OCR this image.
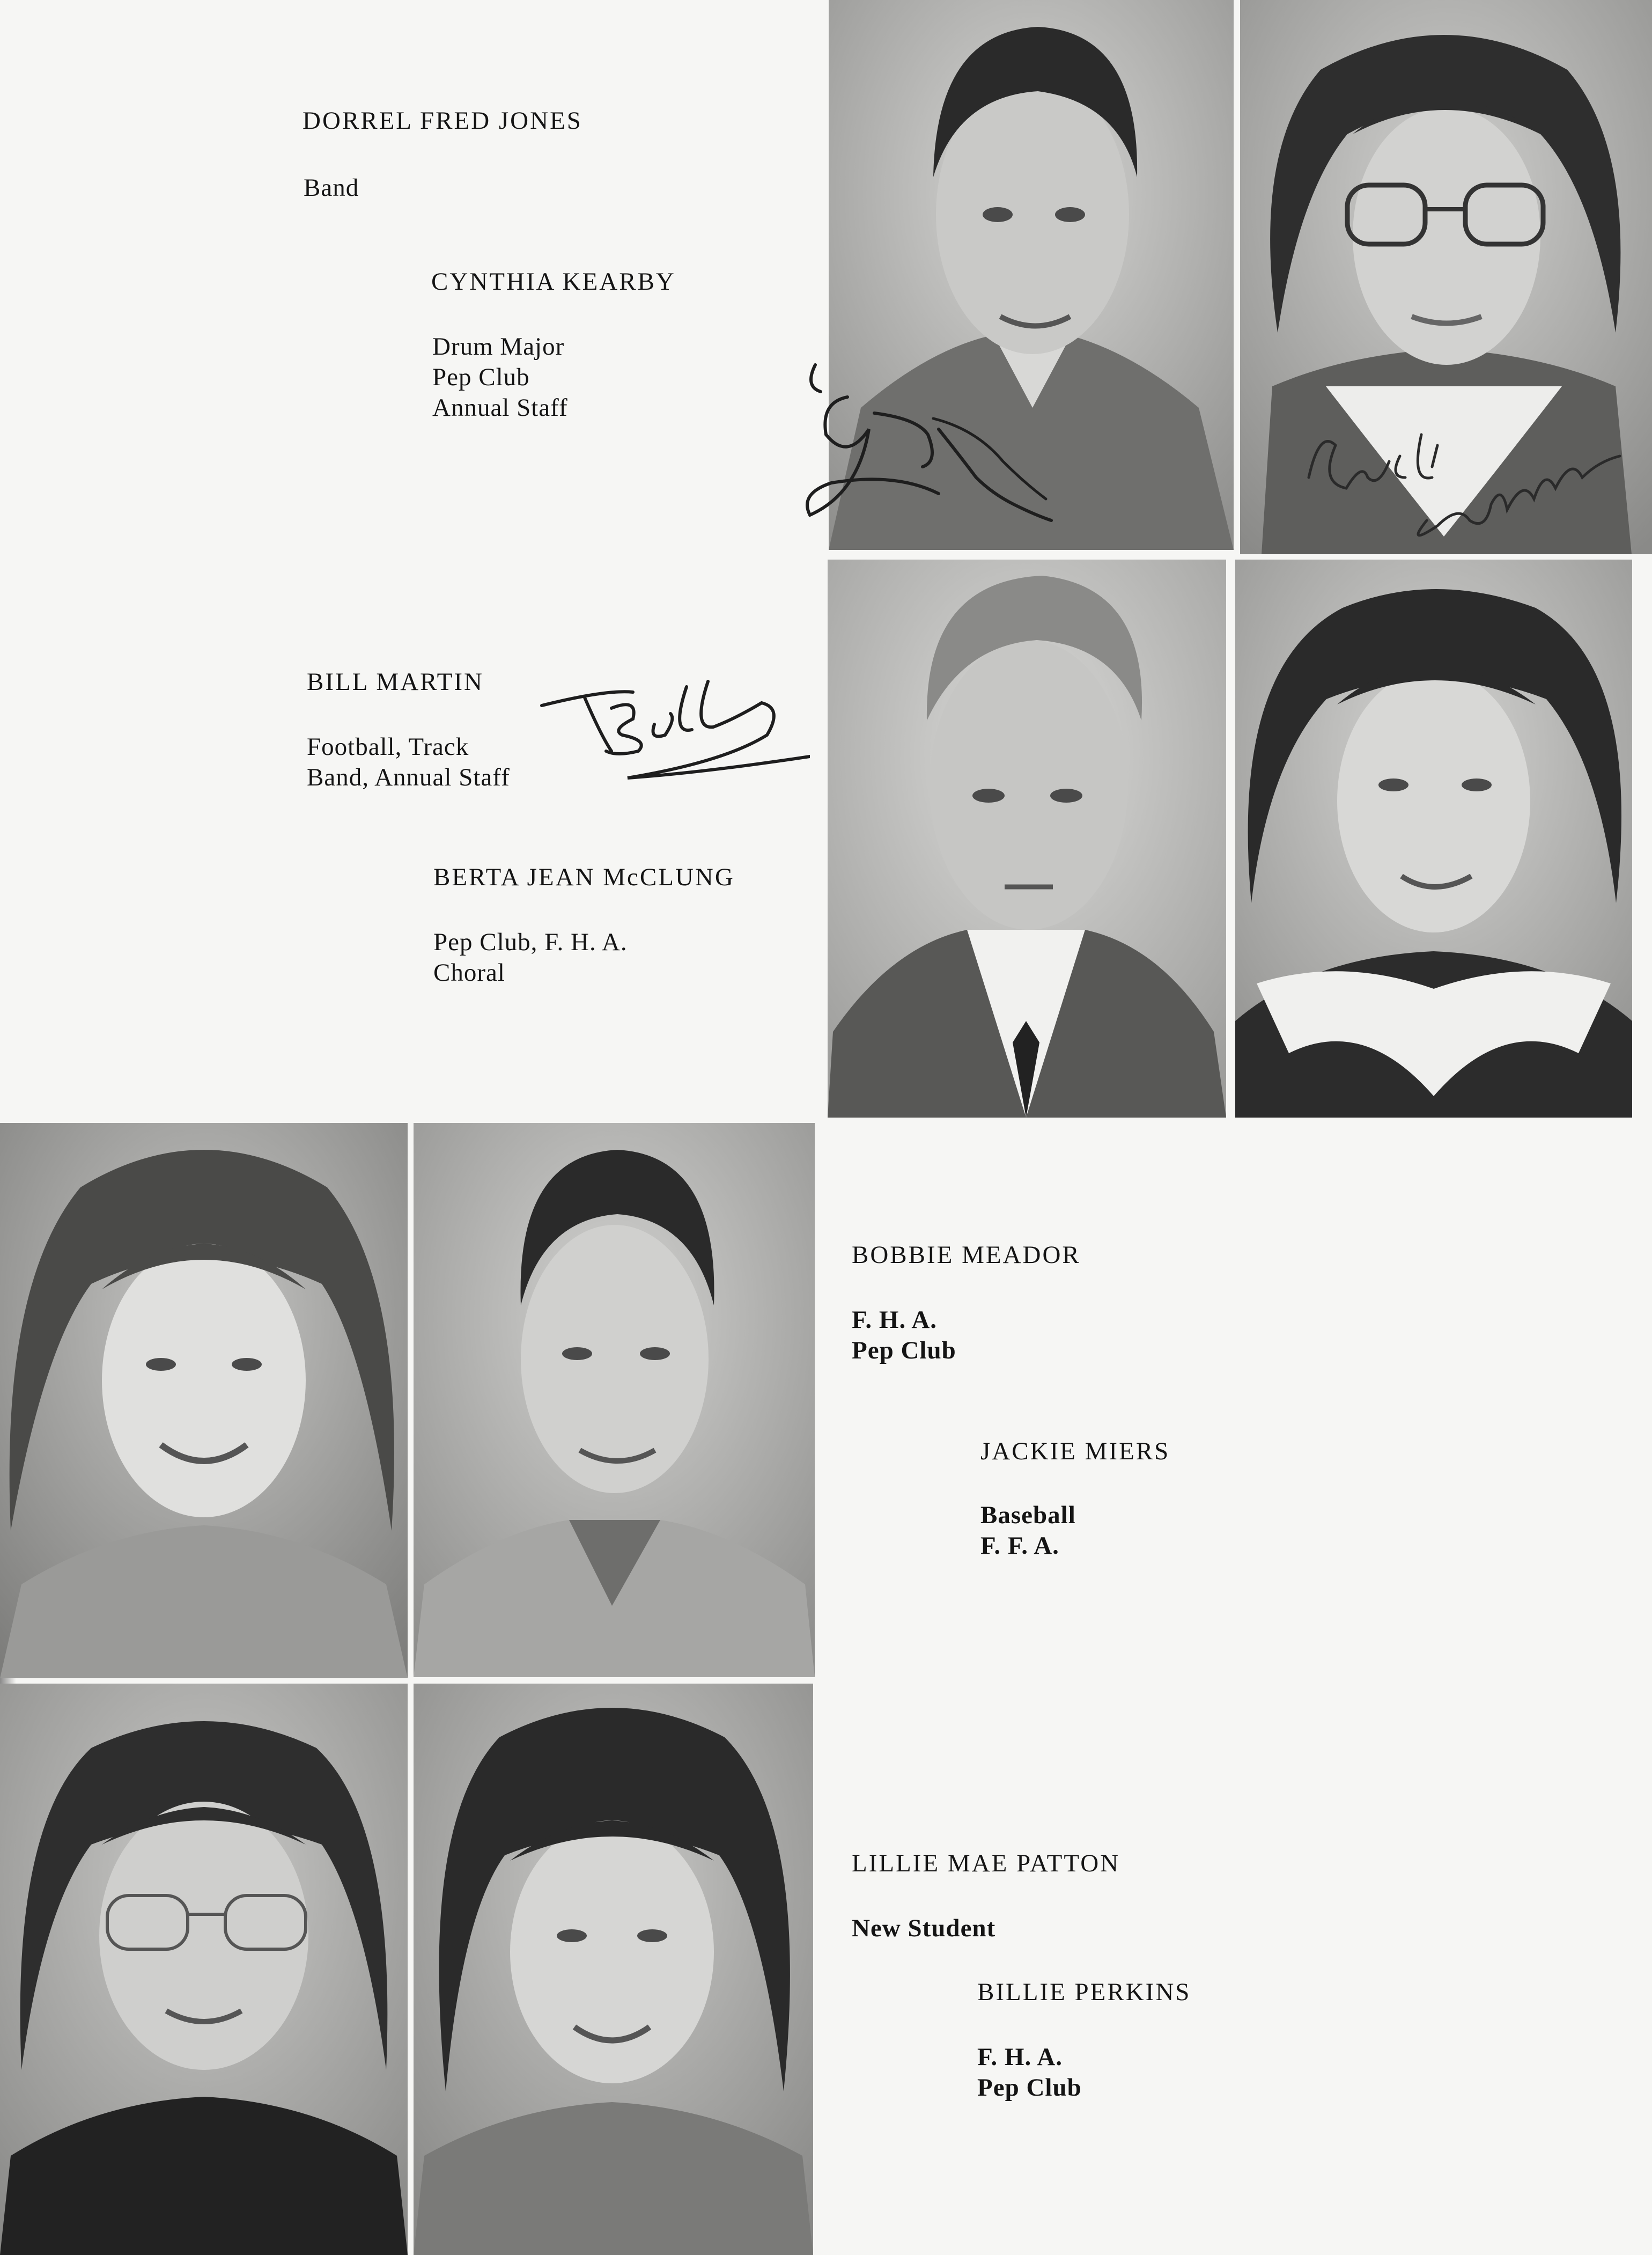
DORREL FRED JONES
Band
CYNTHIA KEARBY
Drum Major
Pep Club
Annual Staff
BILL MARTIN
Football, Track
Band, Annual Staff
BERTA JEAN McCLUNG
Pep Club, F. H. A.
Choral
BOBBIE MEADOR
F. H. A.
Pep Club
JACKIE MIERS
Baseball
F. F. A.
LILLIE MAE PATTON
New Student
BILLIE PERKINS
F. H. A.
Pep Club
